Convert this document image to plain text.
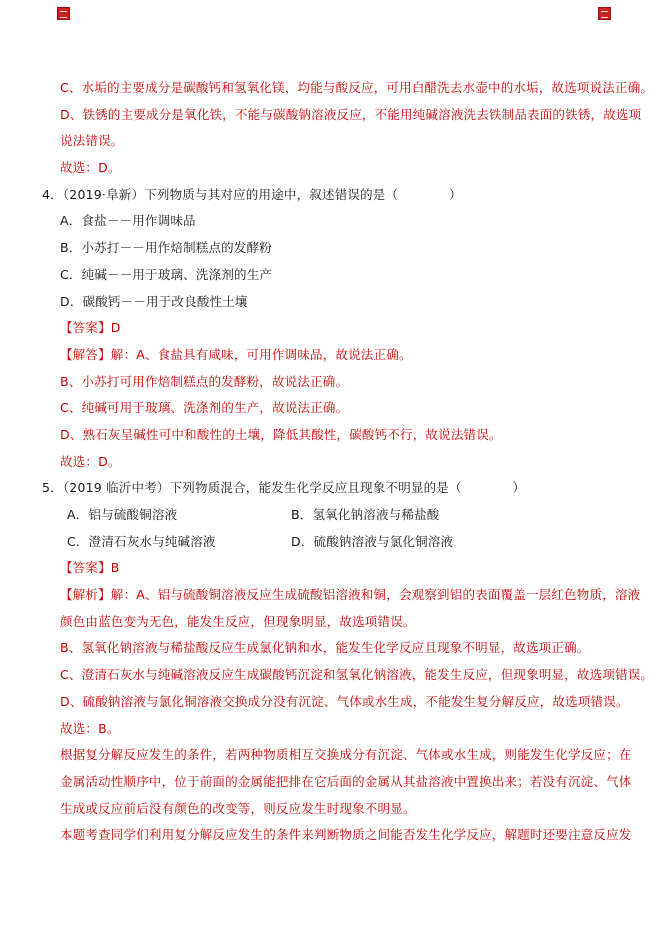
C、水垢的主要成分是碳酸钙和氢氧化镁，均能与酸反应，可用白醋洗去水壶中的水垢，故选项说法正确。
D、铁锈的主要成分是氧化铁，不能与碳酸钠溶液反应，不能用纯碱溶液洗去铁制品表面的铁锈，故选项
说法错误。
故选：D。
4．（2019·阜新）下列物质与其对应的用途中，叙述错误的是（　　　　）
A．食盐－－用作调味品
B．小苏打－－用作焙制糕点的发酵粉
C．纯碱－－用于玻璃、洗涤剂的生产
D．碳酸钙－－用于改良酸性土壤
【答案】D
【解答】解：A、食盐具有咸味，可用作调味品，故说法正确。
B、小苏打可用作焙制糕点的发酵粉，故说法正确。
C、纯碱可用于玻璃、洗涤剂的生产，故说法正确。
D、熟石灰呈碱性可中和酸性的土壤，降低其酸性，碳酸钙不行，故说法错误。
故选：D。
5．（2019 临沂中考）下列物质混合，能发生化学反应且现象不明显的是（　　　　）
A．铝与硫酸铜溶液	B．氢氧化钠溶液与稀盐酸
C．澄清石灰水与纯碱溶液	D．硫酸钠溶液与氯化铜溶液
【答案】B
【解析】解：A、铝与硫酸铜溶液反应生成硫酸铝溶液和铜，会观察到铝的表面覆盖一层红色物质，溶液
颜色由蓝色变为无色，能发生反应，但现象明显，故选项错误。
B、氢氧化钠溶液与稀盐酸反应生成氯化钠和水，能发生化学反应且现象不明显，故选项正确。
C、澄清石灰水与纯碱溶液反应生成碳酸钙沉淀和氢氧化钠溶液，能发生反应，但现象明显，故选项错误。
D、硫酸钠溶液与氯化铜溶液交换成分没有沉淀、气体或水生成，不能发生复分解反应，故选项错误。
故选：B。
根据复分解反应发生的条件，若两种物质相互交换成分有沉淀、气体或水生成，则能发生化学反应；在
金属活动性顺序中，位于前面的金属能把排在它后面的金属从其盐溶液中置换出来；若没有沉淀、气体
生成或反应前后没有颜色的改变等，则反应发生时现象不明显。
本题考查同学们利用复分解反应发生的条件来判断物质之间能否发生化学反应，解题时还要注意反应发
